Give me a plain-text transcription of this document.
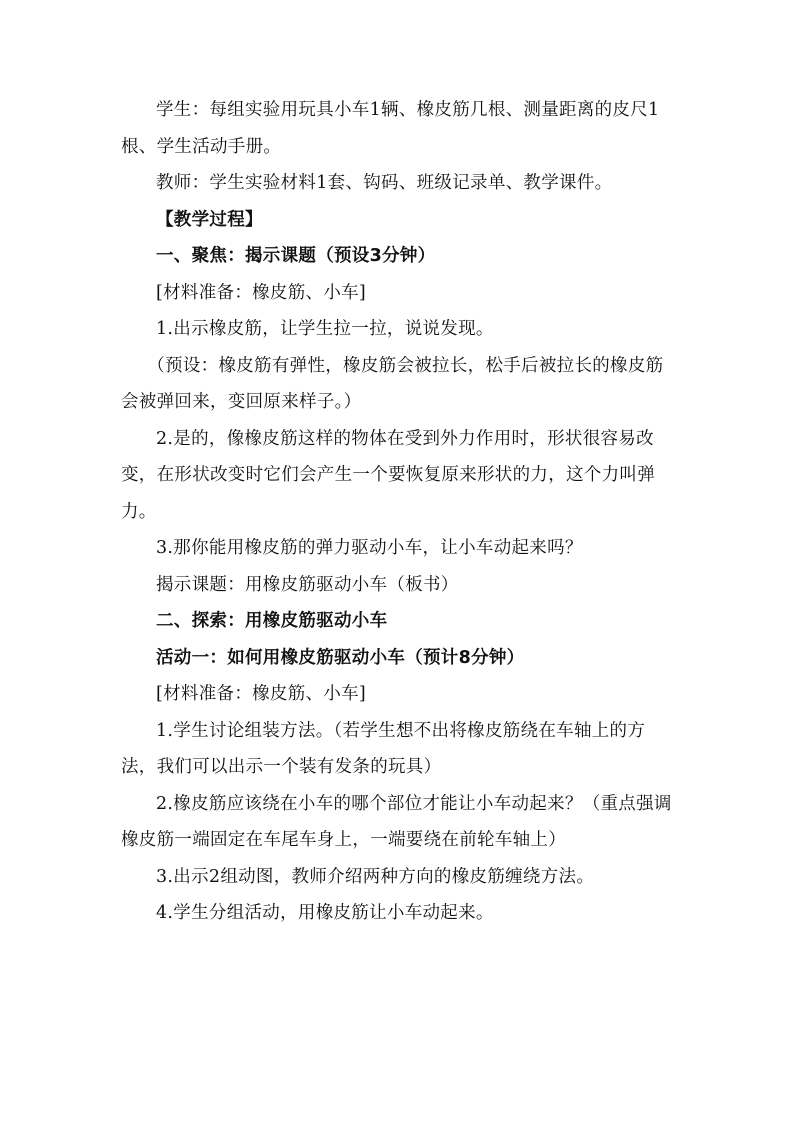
学生：每组实验用玩具小车1辆、橡皮筋几根、测量距离的皮尺1根、学生活动手册。

教师：学生实验材料1套、钩码、班级记录单、教学课件。

【教学过程】

一、聚焦：揭示课题（预设3分钟）

[材料准备：橡皮筋、小车]

1.出示橡皮筋，让学生拉一拉，说说发现。

（预设：橡皮筋有弹性，橡皮筋会被拉长，松手后被拉长的橡皮筋会被弹回来，变回原来样子。）

2.是的，像橡皮筋这样的物体在受到外力作用时，形状很容易改变，在形状改变时它们会产生一个要恢复原来形状的力，这个力叫弹力。

3.那你能用橡皮筋的弹力驱动小车，让小车动起来吗？

揭示课题：用橡皮筋驱动小车（板书）

二、探索：用橡皮筋驱动小车

活动一：如何用橡皮筋驱动小车（预计8分钟）

[材料准备：橡皮筋、小车]

1.学生讨论组装方法。（若学生想不出将橡皮筋绕在车轴上的方法，我们可以出示一个装有发条的玩具）

2.橡皮筋应该绕在小车的哪个部位才能让小车动起来？（重点强调橡皮筋一端固定在车尾车身上，一端要绕在前轮车轴上）

3.出示2组动图，教师介绍两种方向的橡皮筋缠绕方法。

4.学生分组活动，用橡皮筋让小车动起来。
